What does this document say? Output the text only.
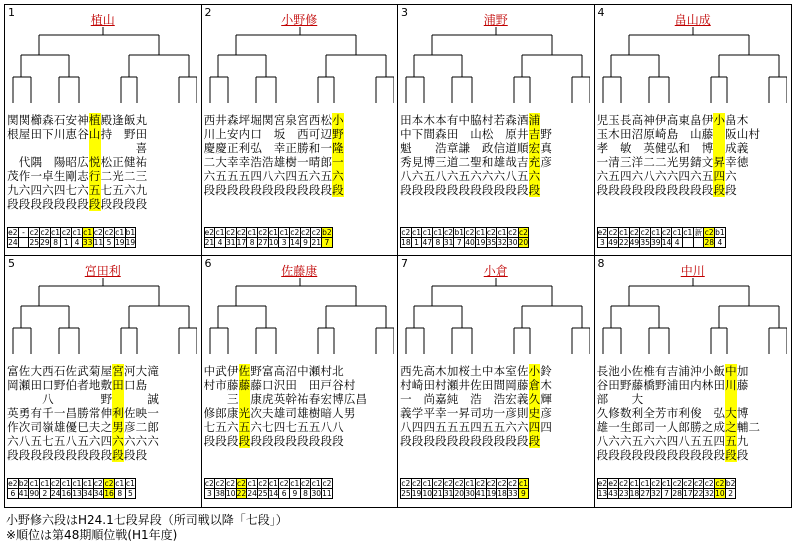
1
植山
関 関 櫛 森 石 安 神 植 殿 逢 飯 丸
根 屋 田 下 川 恵 谷 山 持 野 田
喜
代 隅 陽 昭 広 悦 松 正 健 祐
茂 作 一 卓 生 剛 志 行 二 光 二 三
九 六 四 六 四 七 六 五 七 五 六 九
段 段 段 段 段 段 段 段 段 段 段 段
e2	-	c2	c2	c1	c2	c1	c1	c2	c2	c1	b1
24		25	29	8	1	4	33	11	5	19	19
2
小野修
西 井 森 坪 堀 関 宮 泉 宮 西 松 小
川 上 安 内 口 坂 西 可 辺 野
慶 慶 正 利 弘 幸 正 勝 和 一 隆
二 大 幸 幸 浩 浩 雄 樹 一 晴 郎 一
六 五 五 五 四 八 六 四 五 六 五 六
段 段 段 段 段 段 段 段 段 段 段 段
e2	c1	c2	c2	c1	c2	c1	c1	c2	c2	c2	b2
21	4	31	17	8	27	10	3	14	9	21	7
3
浦野
田 本 木 本 有 中 脇 村 若 森 酒 浦
中 下 間 森 田 山 松 原 井 吉 野
魁 浩 章 謙 政 信 道 順 宏 真
秀 見 博 三 道 二 聖 和 雄 哉 吉 充 彦
八 六 五 八 六 五 六 六 六 八 五 六
段 段 段 段 段 段 段 段 段 段 段 段
c2	c1	c1	c1	c2	b1	c2	c1	c2	c1	c2	c2
18	1	47	8	31	7	40	19	35	32	30	20
4
畠山成
児 玉 長 高 神 伊 高 東 畠 伊 小 畠 木
玉 木 田 沼 原 崎 島 山 藤 阪 山 村
孝 敏 英 健 弘 和 博 成 義
一 清 三 洋 二 二 光 男 錆 文 昇 幸 徳
六 五 四 六 八 六 六 四 六 五 四 六
段 段 段 段 段 段 段 段 段 段 段 段
e2	c2	c1	c2	c2	c1	c2	c1	c1	新	c2	b1
3	49	22	49	35	39	14	4			28	4
5
宮田利
富 佐 大 西 石 佐 武 菊 屋 宮 河 大 滝
岡 瀬 田 口 野 伯 者 地 敷 田 口 島
八	野	誠
英 勇 有 千 一 昌 勝 常 伸 利 佐 映 一
作 次 司 嶺 雄 優 巳 夫 之 男 彦 二 郎
六 八 五 七 五 八 五 六 四 六 六 六 六
段 段 段 段 段 段 段 段 段 段 段 段
e2	b2	c1	c1	c2	c1	c1	c1	c2	c2	c1	c1
6	41	90	2	24	16	13	34	34	16	8	5
6
佐藤康
中 武 伊 佐 野 富 高 沼 中 瀬 村 北
村 市 藤 藤 藤 口 沢 田 田 戸 谷 村
三 康 虎 英 幹 祐 春 宏 博 広 昌
修 郎 康 光 次 夫 雄 司 雄 樹 暗 人 男
七 五 六 五 六 七 四 七 五 五 八 八
段 段 段 段 段 段 段 段 段 段 段 段
c2	c2	c2	c2	c1	c2	c1	c2	c1	c2	c1	c2
3	38	10	22	24	25	14	6	9	8	30	11
7
小倉
西 先 高 木 加 桜 土 中 本 室 佐 小 鈴
村 崎 田 村 瀬 井 佐 田 間 岡 藤 倉 木
一 尚 嘉 純 浩 浩 宏 義 久 輝
義 学 平 幸 一 昇 司 功 一 彦 則 史 彦
八 四 四 五 五 五 四 五 五 六 六 四 四
段 段 段 段 段 段 段 段 段 段 段 段
c2	c2	c1	c2	c2	c2	c1	c2	c2	c2	c2	c1
25	19	10	21	31	20	30	41	19	18	33	9
8
中川
長 池 小 佐 椎 有 吉 浦 沖 小 飯 中 加
谷 田 野 藤 橋 野 浦 田 内 林 田 川 藤
部 大
久 修 数 利 全 芳 市 利 俊 弘 大 博
雄 一 生 郎 司 一 人 郎 勝 之 成 之 輔 二
八 六 六 五 六 六 四 八 五 五 四 五 九
段 段 段 段 段 段 段 段 段 段 段 段 段
e2	e2	c2	c1	c1	c2	c1	c2	c2	c2	c2	c2	b2
13	43	23	18	27	32	7	28	17	22	32	10	2
小野修六段はH24.1七段昇段（所司戦以降「七段」）
※順位は第48期順位戦(H1年度)
